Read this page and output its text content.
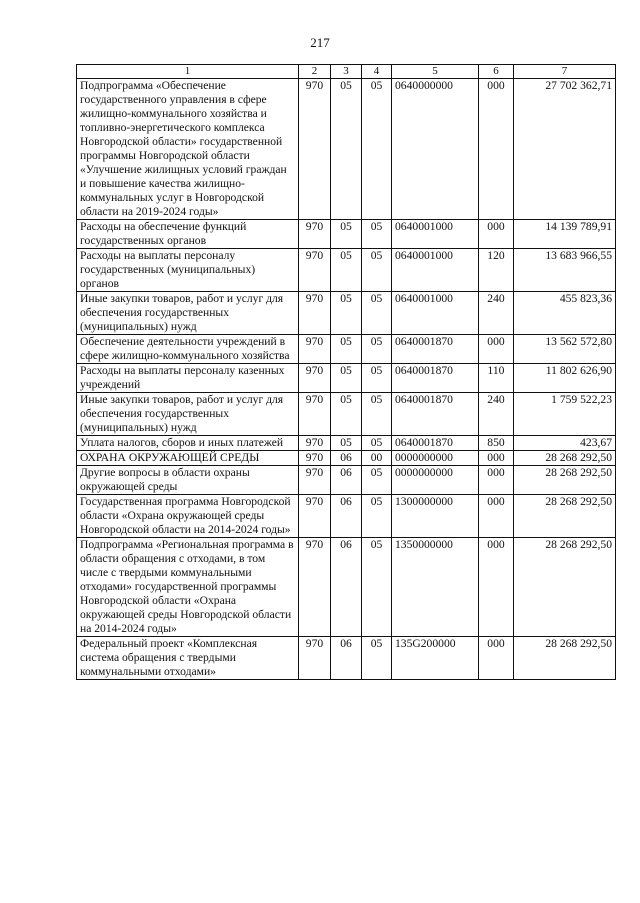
217
1	2	3	4	5	6	7
Подпрограмма «Обеспечение государственного управления в сфере жилищно-коммунального хозяйства и топливно-энергетического комплекса Новгородской области» государственной программы Новгородской области «Улучшение жилищных условий граждан и повышение качества жилищно-коммунальных услуг в Новгородской области на 2019-2024 годы»	970	05	05	0640000000	000	27 702 362,71
Расходы на обеспечение функций государственных органов	970	05	05	0640001000	000	14 139 789,91
Расходы на выплаты персоналу государственных (муниципальных) органов	970	05	05	0640001000	120	13 683 966,55
Иные закупки товаров, работ и услуг для обеспечения государственных (муниципальных) нужд	970	05	05	0640001000	240	455 823,36
Обеспечение деятельности учреждений в сфере жилищно-коммунального хозяйства	970	05	05	0640001870	000	13 562 572,80
Расходы на выплаты персоналу казенных учреждений	970	05	05	0640001870	110	11 802 626,90
Иные закупки товаров, работ и услуг для обеспечения государственных (муниципальных) нужд	970	05	05	0640001870	240	1 759 522,23
Уплата налогов, сборов и иных платежей	970	05	05	0640001870	850	423,67
ОХРАНА ОКРУЖАЮЩЕЙ СРЕДЫ	970	06	00	0000000000	000	28 268 292,50
Другие вопросы в области охраны окружающей среды	970	06	05	0000000000	000	28 268 292,50
Государственная программа Новгородской области «Охрана окружающей среды Новгородской области на 2014-2024 годы»	970	06	05	1300000000	000	28 268 292,50
Подпрограмма «Региональная программа в области обращения с отходами, в том числе с твердыми коммунальными отходами» государственной программы Новгородской области «Охрана окружающей среды Новгородской области на 2014-2024 годы»	970	06	05	1350000000	000	28 268 292,50
Федеральный проект «Комплексная система обращения с твердыми коммунальными отходами»	970	06	05	135G200000	000	28 268 292,50
